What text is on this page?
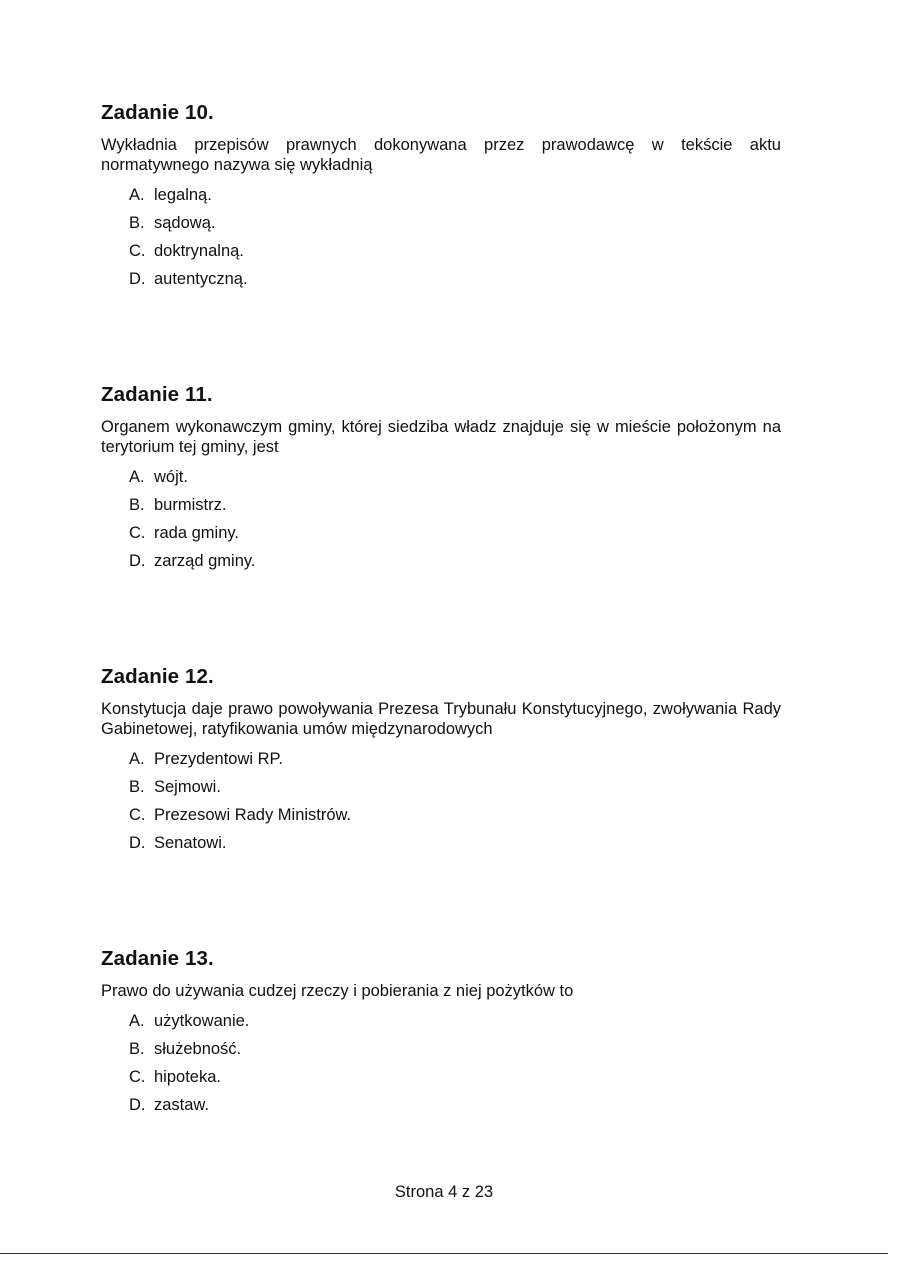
Zadanie 10.

Wykładnia przepisów prawnych dokonywana przez prawodawcę w tekście aktu normatywnego nazywa się wykładnią

A. legalną.
B. sądową.
C. doktrynalną.
D. autentyczną.
Zadanie 11.

Organem wykonawczym gminy, której siedziba władz znajduje się w mieście położonym na terytorium tej gminy, jest

A. wójt.
B. burmistrz.
C. rada gminy.
D. zarząd gminy.
Zadanie 12.

Konstytucja daje prawo powoływania Prezesa Trybunału Konstytucyjnego, zwoływania Rady Gabinetowej, ratyfikowania umów międzynarodowych

A. Prezydentowi RP.
B. Sejmowi.
C. Prezesowi Rady Ministrów.
D. Senatowi.
Zadanie 13.

Prawo do używania cudzej rzeczy i pobierania z niej pożytków to

A. użytkowanie.
B. służebność.
C. hipoteka.
D. zastaw.
Strona 4 z 23
